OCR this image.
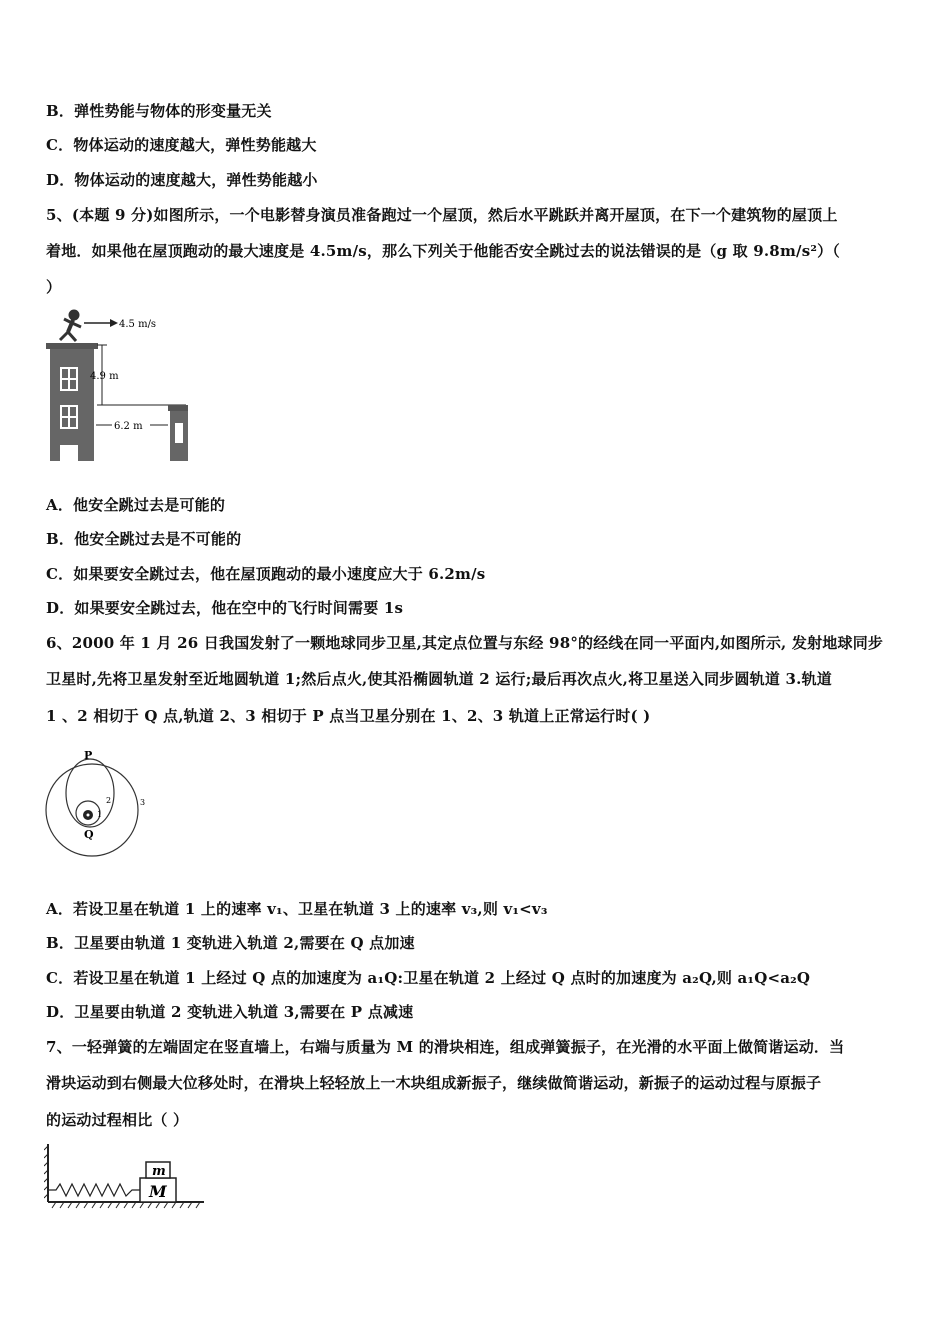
B．弹性势能与物体的形变量无关
C．物体运动的速度越大，弹性势能越大
D．物体运动的速度越大，弹性势能越小
5、(本题 9 分)如图所示，一个电影替身演员准备跑过一个屋顶，然后水平跳跃并离开屋顶，在下一个建筑物的屋顶上
着地．如果他在屋顶跑动的最大速度是 4.5m/s，那么下列关于他能否安全跳过去的说法错误的是（g 取 9.8m/s²）（
）
4.5 m/s
4.9 m
6.2 m
A．他安全跳过去是可能的
B．他安全跳过去是不可能的
C．如果要安全跳过去，他在屋顶跑动的最小速度应大于 6.2m/s
D．如果要安全跳过去，他在空中的飞行时间需要 1s
6、2000 年 1 月 26 日我国发射了一颗地球同步卫星,其定点位置与东经 98°的经线在同一平面内,如图所示, 发射地球同步
卫星时,先将卫星发射至近地圆轨道 1;然后点火,使其沿椭圆轨道 2 运行;最后再次点火,将卫星送入同步圆轨道 3.轨道
1 、2 相切于 Q 点,轨道 2、3 相切于 P 点当卫星分别在 1、2、3 轨道上正常运行时( )
P
Q
1
2	3
A．若设卫星在轨道 1 上的速率 v₁、卫星在轨道 3 上的速率 v₃,则 v₁<v₃
B．卫星要由轨道 1 变轨进入轨道 2,需要在 Q 点加速
C．若设卫星在轨道 1 上经过 Q 点的加速度为 a₁Q:卫星在轨道 2 上经过 Q 点时的加速度为 a₂Q,则 a₁Q<a₂Q
D．卫星要由轨道 2 变轨进入轨道 3,需要在 P 点减速
7、一轻弹簧的左端固定在竖直墙上，右端与质量为 M 的滑块相连，组成弹簧振子，在光滑的水平面上做简谐运动．当
滑块运动到右侧最大位移处时，在滑块上轻轻放上一木块组成新振子，继续做简谐运动，新振子的运动过程与原振子
的运动过程相比（ ）
m
M
